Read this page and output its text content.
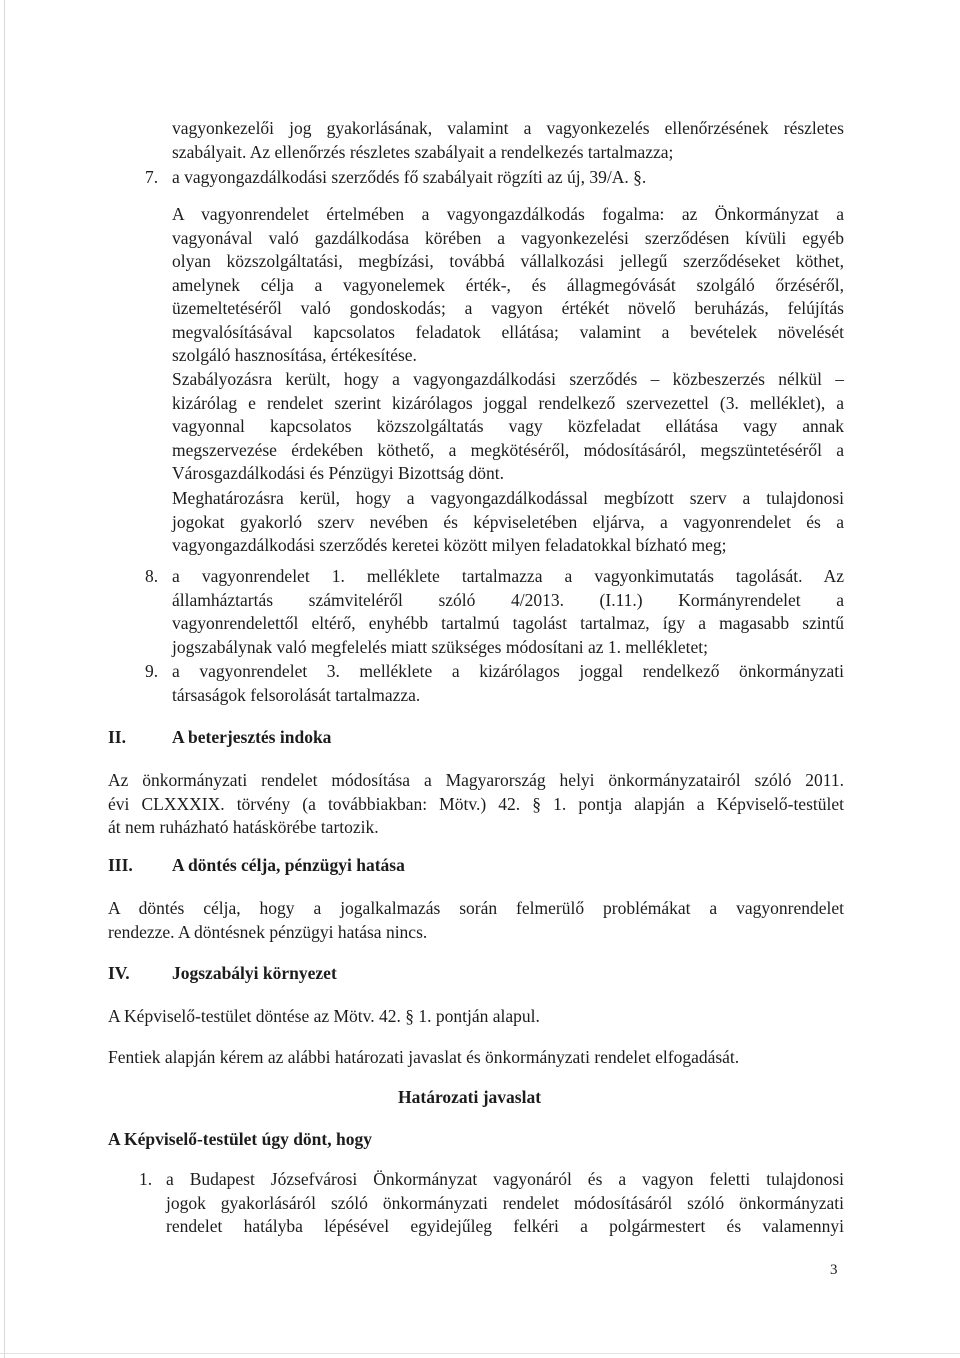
vagyonkezelői jog gyakorlásának, valamint a vagyonkezelés ellenőrzésének részletes
szabályait. Az ellenőrzés részletes szabályait a rendelkezés tartalmazza;

7. a vagyongazdálkodási szerződés fő szabályait rögzíti az új, 39/A. §.

A vagyonrendelet értelmében a vagyongazdálkodás fogalma: az Önkormányzat a
vagyonával való gazdálkodása körében a vagyonkezelési szerződésen kívüli egyéb
olyan közszolgáltatási, megbízási, továbbá vállalkozási jellegű szerződéseket köthet,
amelynek célja a vagyonelemek érték-, és állagmegóvását szolgáló őrzéséről,
üzemeltetéséről való gondoskodás; a vagyon értékét növelő beruházás, felújítás
megvalósításával kapcsolatos feladatok ellátása; valamint a bevételek növelését
szolgáló hasznosítása, értékesítése.
Szabályozásra került, hogy a vagyongazdálkodási szerződés – közbeszerzés nélkül –
kizárólag e rendelet szerint kizárólagos joggal rendelkező szervezettel (3. melléklet), a
vagyonnal kapcsolatos közszolgáltatás vagy közfeladat ellátása vagy annak
megszervezése érdekében köthető, a megkötéséről, módosításáról, megszüntetéséről a
Városgazdálkodási és Pénzügyi Bizottság dönt.
Meghatározásra kerül, hogy a vagyongazdálkodással megbízott szerv a tulajdonosi
jogokat gyakorló szerv nevében és képviseletében eljárva, a vagyonrendelet és a
vagyongazdálkodási szerződés keretei között milyen feladatokkal bízható meg;

8. a vagyonrendelet 1. melléklete tartalmazza a vagyonkimutatás tagolását. Az
államháztartás számviteléről szóló 4/2013. (I.11.) Kormányrendelet a
vagyonrendelettől eltérő, enyhébb tartalmú tagolást tartalmaz, így a magasabb szintű
jogszabálynak való megfelelés miatt szükséges módosítani az 1. mellékletet;

9. a vagyonrendelet 3. melléklete a kizárólagos joggal rendelkező önkormányzati
társaságok felsorolását tartalmazza.

II.	A beterjesztés indoka

Az önkormányzati rendelet módosítása a Magyarország helyi önkormányzatairól szóló 2011.
évi CLXXXIX. törvény (a továbbiakban: Mötv.) 42. § 1. pontja alapján a Képviselő-testület
át nem ruházható hatáskörébe tartozik.

III. A döntés célja, pénzügyi hatása

A döntés célja, hogy a jogalkalmazás során felmerülő problémákat a vagyonrendelet
rendezze. A döntésnek pénzügyi hatása nincs.

IV. Jogszabályi környezet

A Képviselő-testület döntése az Mötv. 42. § 1. pontján alapul.

Fentiek alapján kérem az alábbi határozati javaslat és önkormányzati rendelet elfogadását.

Határozati javaslat

A Képviselő-testület úgy dönt, hogy

1. a Budapest Józsefvárosi Önkormányzat vagyonáról és a vagyon feletti tulajdonosi
jogok gyakorlásáról szóló önkormányzati rendelet módosításáról szóló önkormányzati
rendelet hatályba lépésével egyidejűleg felkéri a polgármestert és valamennyi

3
